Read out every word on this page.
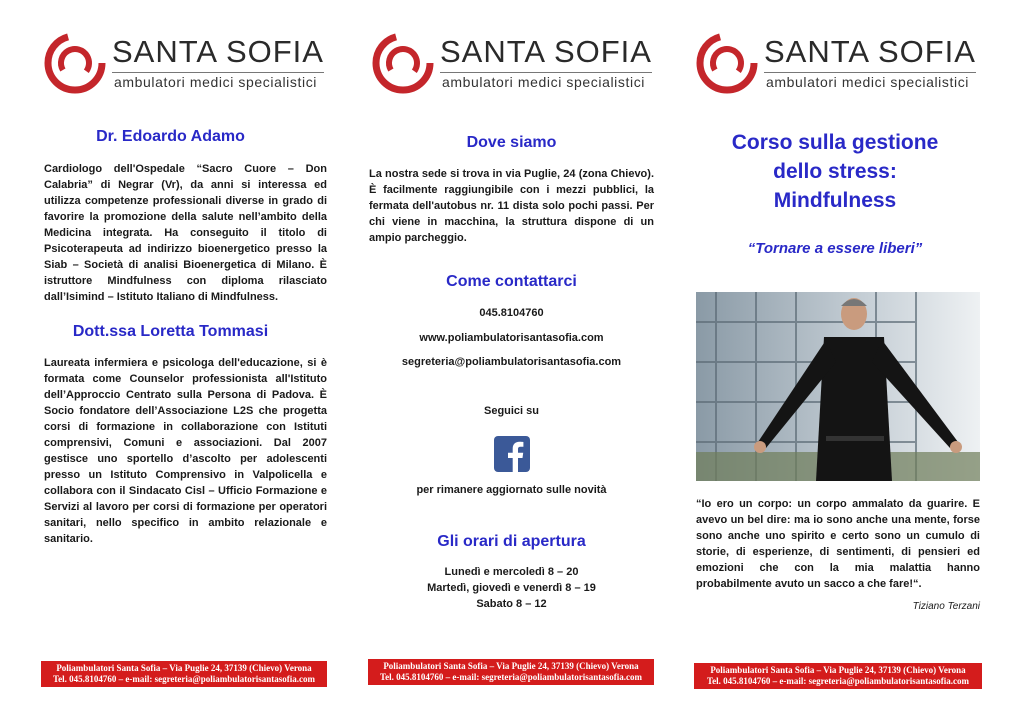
SANTA SOFIA
ambulatori medici specialistici
Dr. Edoardo Adamo
Cardiologo dell'Ospedale “Sacro Cuore – Don Calabria” di Negrar (Vr), da anni si interessa ed utilizza competenze professionali diverse in grado di favorire la promozione della salute nell’ambito della Medicina integrata. Ha conseguito il titolo di Psicoterapeuta ad indirizzo bioenergetico presso la Siab – Società di analisi Bioenergetica di Milano. È istruttore Mindfulness con diploma rilasciato dall’Isimind – Istituto Italiano di Mindfulness.
Dott.ssa Loretta Tommasi
Laureata infermiera e psicologa dell'educazione, si è formata come Counselor professionista all'Istituto dell’Approccio Centrato sulla Persona di Padova. È Socio fondatore dell’Associazione L2S che progetta corsi di formazione in collaborazione con Istituti comprensivi, Comuni e associazioni. Dal 2007 gestisce uno sportello d’ascolto per adolescenti presso un Istituto Comprensivo in Valpolicella e collabora con il Sindacato Cisl – Ufficio Formazione e Servizi al lavoro per corsi di formazione per operatori sanitari, nello specifico in ambito relazionale e sanitario.
Poliambulatori Santa Sofia – Via Puglie 24, 37139 (Chievo) Verona
Tel. 045.8104760 – e-mail: segreteria@poliambulatorisantasofia.com
SANTA SOFIA
ambulatori medici specialistici
Dove siamo
La nostra sede si trova in via Puglie, 24 (zona Chievo). È facilmente raggiungibile con i mezzi pubblici, la fermata dell'autobus nr. 11 dista solo pochi passi. Per chi viene in macchina, la struttura dispone di un ampio parcheggio.
Come contattarci
045.8104760
www.poliambulatorisantasofia.com
segreteria@poliambulatorisantasofia.com
Seguici su
per rimanere aggiornato sulle novità
Gli orari di apertura
Lunedì e mercoledì 8 – 20
Martedì, giovedì e venerdì 8 – 19
Sabato 8 – 12
Poliambulatori Santa Sofia – Via Puglie 24, 37139 (Chievo) Verona
Tel. 045.8104760 – e-mail: segreteria@poliambulatorisantasofia.com
SANTA SOFIA
ambulatori medici specialistici
Corso sulla gestione
dello stress:
Mindfulness
“Tornare a essere liberi”
“Io ero un corpo: un corpo ammalato da guarire. E avevo un bel dire: ma io sono anche una mente, forse sono anche uno spirito e certo sono un cumulo di storie, di esperienze, di sentimenti, di pensieri ed emozioni che con la mia malattia hanno probabilmente avuto un sacco a che fare!“.
Tiziano Terzani
Poliambulatori Santa Sofia – Via Puglie 24, 37139 (Chievo) Verona
Tel. 045.8104760 – e-mail: segreteria@poliambulatorisantasofia.com
